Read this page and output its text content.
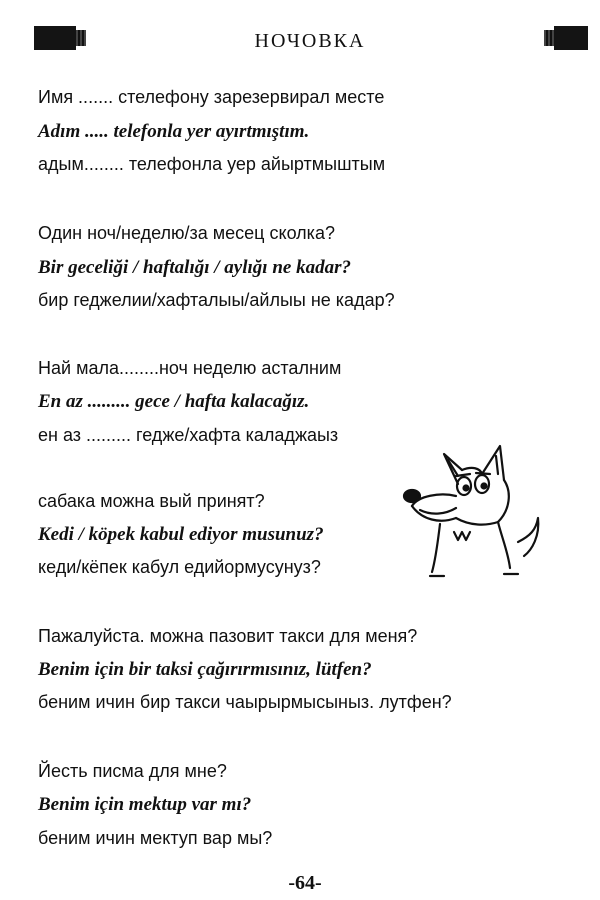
НОЧОВКА
Имя ....... стелефону зарезервирал месте
Adım ..... telefonla yer ayırtmıştım.
адым........ телефонла уер айыртмыштым
Один ноч/неделю/за месец сколка?
Bir geceliği / haftalığı / aylığı ne kadar?
бир геджелии/хафталыы/айлыы не кадар?
Най мала........ноч неделю асталним
En az ......... gece / hafta kalacağız.
ен аз ......... гедже/хафта каладжаыз
сабака можна вый принят?
Kedi / köpek kabul ediyor musunuz?
кеди/кёпек кабул едийормусунуз?
Пажалуйста. можна пазовит такси для меня?
Benim için bir taksi çağırırmısınız, lütfen?
беним ичин бир такси чаырырмысыныз. лутфен?
Йесть писма для мне?
Benim için mektup var mı?
беним ичин мектуп вар мы?
-64-
